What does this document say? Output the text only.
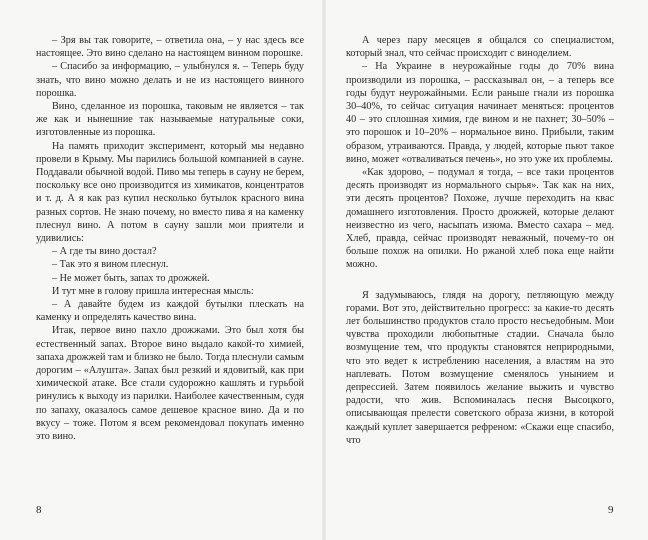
– Зря вы так говорите, – ответила она, – у нас здесь все настоящее. Это вино сделано на настоящем винном порошке.

– Спасибо за информацию, – улыбнулся я. – Теперь буду знать, что вино можно делать и не из настоящего винного порошка.

Вино, сделанное из порошка, таковым не является – так же как и нынешние так называемые натуральные соки, изготовленные из порошка.

На память приходит эксперимент, который мы недавно провели в Крыму. Мы парились большой компанией в сауне. Поддавали обычной водой. Пиво мы теперь в сауну не берем, поскольку все оно производится из химикатов, концентратов и т. д. А я как раз купил несколько бутылок красного вина разных сортов. Не знаю почему, но вместо пива я на каменку плеснул вино. А потом в сауну зашли мои приятели и удивились:

– А где ты вино достал?

– Так это я вином плеснул.

– Не может быть, запах то дрожжей.

И тут мне в голову пришла интересная мысль:

– А давайте будем из каждой бутылки плескать на каменку и определять качество вина.

Итак, первое вино пахло дрожжами. Это был хотя бы естественный запах. Второе вино выдало какой-то химией, запаха дрожжей там и близко не было. Тогда плеснули самым дорогим – «Алушта». Запах был резкий и ядовитый, как при химической атаке. Все стали судорожно кашлять и гурьбой ринулись к выходу из парилки. Наиболее качественным, судя по запаху, оказалось самое дешевое красное вино. Да и по вкусу – тоже. Потом я всем рекомендовал покупать именно это вино.

8

А через пару месяцев я общался со специалистом, который знал, что сейчас происходит с виноделием.

– На Украине в неурожайные годы до 70% вина производили из порошка, – рассказывал он, – а теперь все годы будут неурожайными. Если раньше гнали из порошка 30–40%, то сейчас ситуация начинает меняться: процентов 40 – это сплошная химия, где вином и не пахнет; 30–50% – это порошок и 10–20% – нормальное вино. Прибыли, таким образом, утраиваются. Правда, у людей, которые пьют такое вино, может «отваливаться печень», но это уже их проблемы.

«Как здорово, – подумал я тогда, – все таки процентов десять производят из нормального сырья». Так как на них, эти десять процентов? Похоже, лучше переходить на квас домашнего изготовления. Просто дрожжей, которые делают неизвестно из чего, насыпать изюма. Вместо сахара – мед. Хлеб, правда, сейчас производят неважный, почему-то он больше похож на опилки. Но ржаной хлеб пока еще найти можно.

Я задумываюсь, глядя на дорогу, петляющую между горами. Вот это, действительно прогресс: за какие-то десять лет большинство продуктов стало просто несъедобным. Мои чувства проходили любопытные стадии. Сначала было возмущение тем, что продукты становятся неприродными, что это ведет к истреблению населения, а властям на это наплевать. Потом возмущение сменялось унынием и депрессией. Затем появилось желание выжить и чувство радости, что жив. Вспоминалась песня Высоцкого, описывающая прелести советского образа жизни, в которой каждый куплет завершается рефреном: «Скажи еще спасибо, что

9
